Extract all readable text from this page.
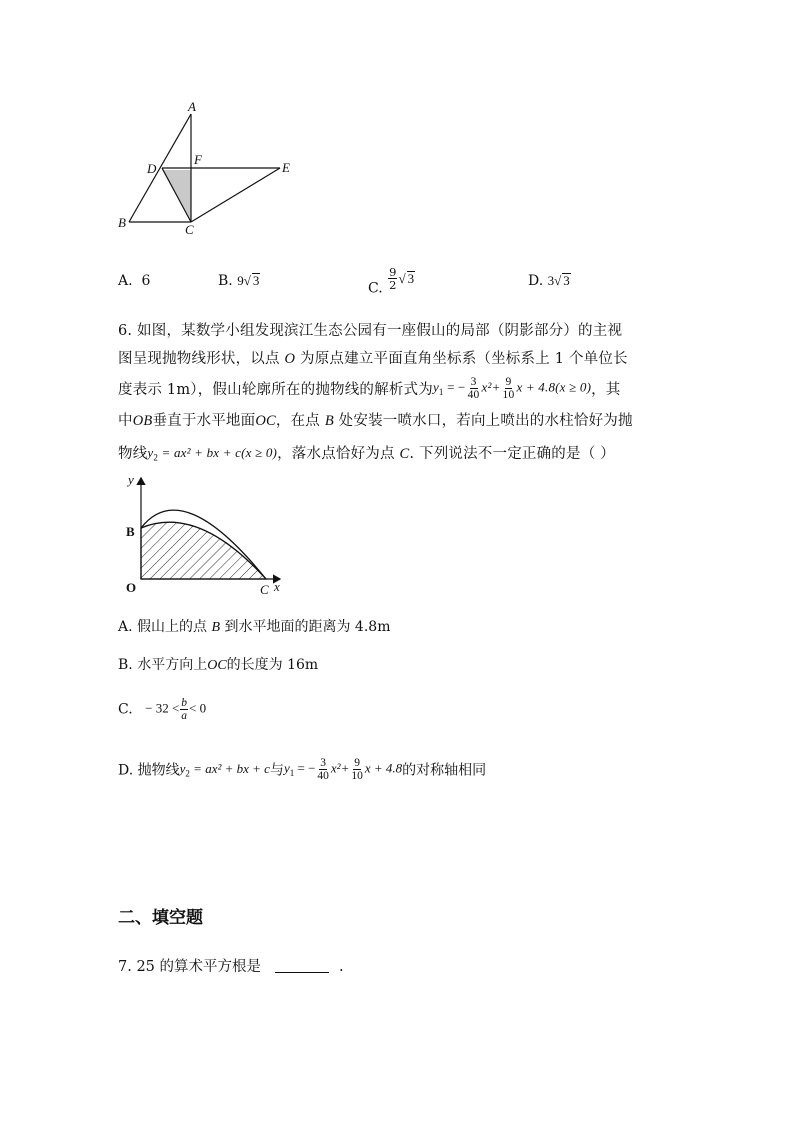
A
D
F
E
B	C
A. 6	B. 9√ 3
C. $\frac{9}{2}$ √ 3	D. 3√ 3
6. 如图，某数学小组发现滨江生态公园有一座假山的局部（阴影部分）的主视
图呈现抛物线形状，以点 O 为原点建立平面直角坐标系（坐标系上 1 个单位长
度表示 1m），假山轮廓所在的抛物线的解析式为$y_1$ = − $\frac{3}{40} x^2+ \frac{9}{10}$ x + 4.8(x ≥ 0)，其
中OB垂直于水平地面OC，在点 B 处安装一喷水口，若向上喷出的水柱恰好为抛
物线$y_2 = ax^2$ + bx + c(x ≥ 0)，落水点恰好为点 C. 下列说法不一定正确的是（ ）
y
B
O	C x
A. 假山上的点 B 到水平地面的距离为 4.8m
B. 水平方向上OC的长度为 16m
C. − $32 < \frac{b}{a} < 0$
D. 抛物线$y_2 = ax^2$ + bx + c与$y_1$ = − $\frac{3}{40} x^2+ \frac{9}{10}$ x + 4.8的对称轴相同
二、填空题
7. 25 的算术平方根是	.
